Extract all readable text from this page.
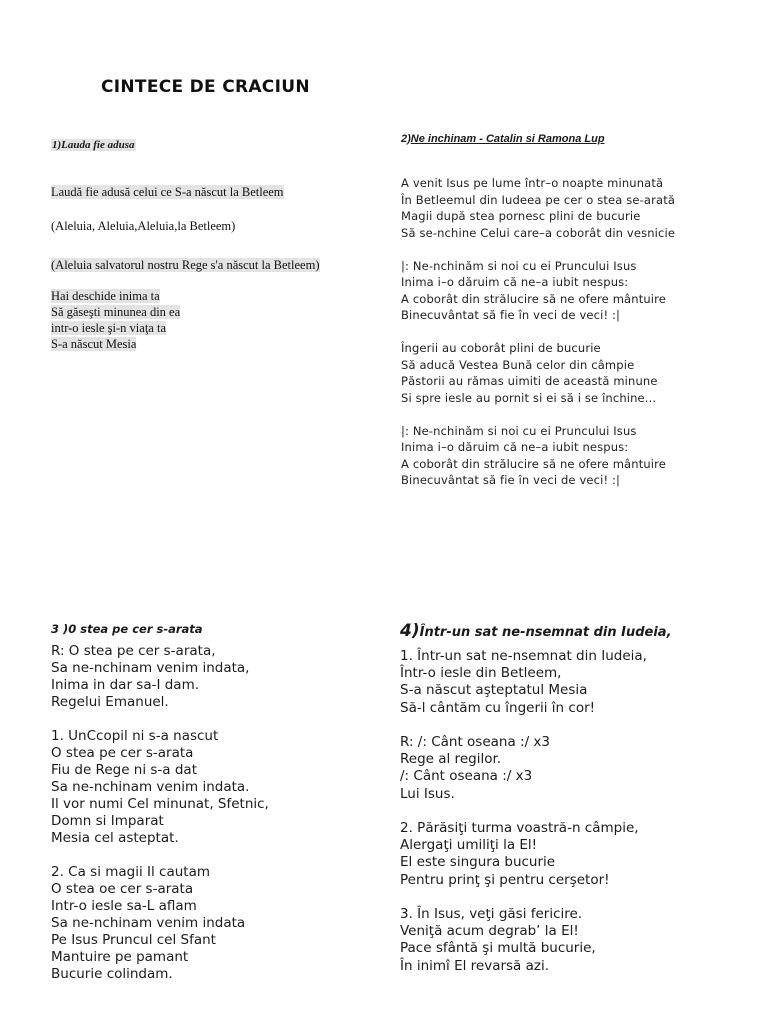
CINTECE DE CRACIUN
1)Lauda fie adusa
Laudă fie adusă celui ce S-a născut la Betleem
(Aleluia, Aleluia,Aleluia,la Betleem)
(Aleluia salvatorul nostru Rege s'a născut la Betleem)
Hai deschide inima ta
Să găseşti minunea din ea
intr-o iesle şi-n viaţa ta
S-a născut Mesia
2)Ne inchinam - Catalin si Ramona Lup
A venit Isus pe lume într–o noapte minunată
În Betleemul din Iudeea pe cer o stea se-arată
Magii după stea pornesc plini de bucurie
Să se-nchine Celui care–a coborât din vesnicie

|: Ne-nchinăm si noi cu ei Pruncului Isus
Inima i–o dăruim că ne–a iubit nespus:
A coborât din strălucire să ne ofere mântuire
Binecuvântat să fie în veci de veci! :|

Îngerii au coborât plini de bucurie
Să aducă Vestea Bună celor din câmpie
Păstorii au rămas uimiti de această minune
Si spre iesle au pornit si ei să i se închine...

|: Ne-nchinăm si noi cu ei Pruncului Isus
Inima i–o dăruim că ne–a iubit nespus:
A coborât din strălucire să ne ofere mântuire
Binecuvântat să fie în veci de veci! :|
3 )0 stea pe cer s-arata
R: O stea pe cer s-arata,
Sa ne-nchinam venim indata,
Inima in dar sa-I dam.
Regelui Emanuel.

1. UnCcopil ni s-a nascut
O stea pe cer s-arata
Fiu de Rege ni s-a dat
Sa ne-nchinam venim indata.
Il vor numi Cel minunat, Sfetnic,
Domn si Imparat
Mesia cel asteptat.

2. Ca si magii Il cautam
O stea oe cer s-arata
Intr-o iesle sa-L aflam
Sa ne-nchinam venim indata
Pe Isus Pruncul cel Sfant
Mantuire pe pamant
Bucurie colindam.
4)Într-un sat ne-nsemnat din Iudeia,
1. Într-un sat ne-nsemnat din Iudeia,
Într-o iesle din Betleem,
S-a născut aşteptatul Mesia
Să-l cântăm cu îngerii în cor!

R: /: Cânt oseana :/ x3
Rege al regilor.
/: Cânt oseana :/ x3
Lui Isus.

2. Părăsiţi turma voastră-n câmpie,
Alergaţi umiliţi la El!
El este singura bucurie
Pentru prinţ şi pentru cerşetor!

3. În Isus, veţi găsi fericire.
Veniţă acum degrab’ la El!
Pace sfântă şi multă bucurie,
În inimî El revarsă azi.
